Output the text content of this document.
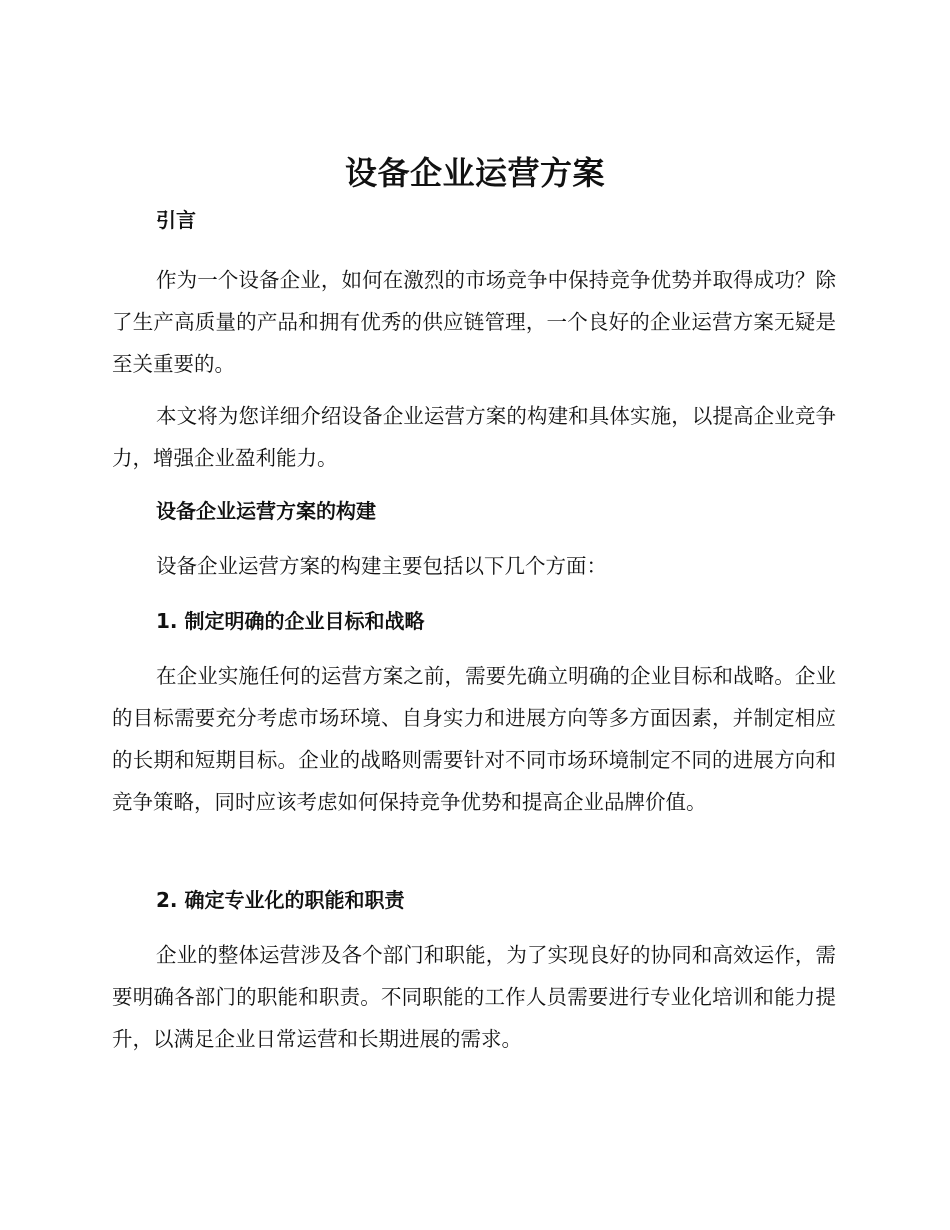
设备企业运营方案
引言
作为一个设备企业，如何在激烈的市场竞争中保持竞争优势并取得成功？除了生产高质量的产品和拥有优秀的供应链管理，一个良好的企业运营方案无疑是至关重要的。
本文将为您详细介绍设备企业运营方案的构建和具体实施，以提高企业竞争力，增强企业盈利能力。
设备企业运营方案的构建
设备企业运营方案的构建主要包括以下几个方面：
1. 制定明确的企业目标和战略
在企业实施任何的运营方案之前，需要先确立明确的企业目标和战略。企业的目标需要充分考虑市场环境、自身实力和进展方向等多方面因素，并制定相应的长期和短期目标。企业的战略则需要针对不同市场环境制定不同的进展方向和竞争策略，同时应该考虑如何保持竞争优势和提高企业品牌价值。
2. 确定专业化的职能和职责
企业的整体运营涉及各个部门和职能，为了实现良好的协同和高效运作，需要明确各部门的职能和职责。不同职能的工作人员需要进行专业化培训和能力提升，以满足企业日常运营和长期进展的需求。
